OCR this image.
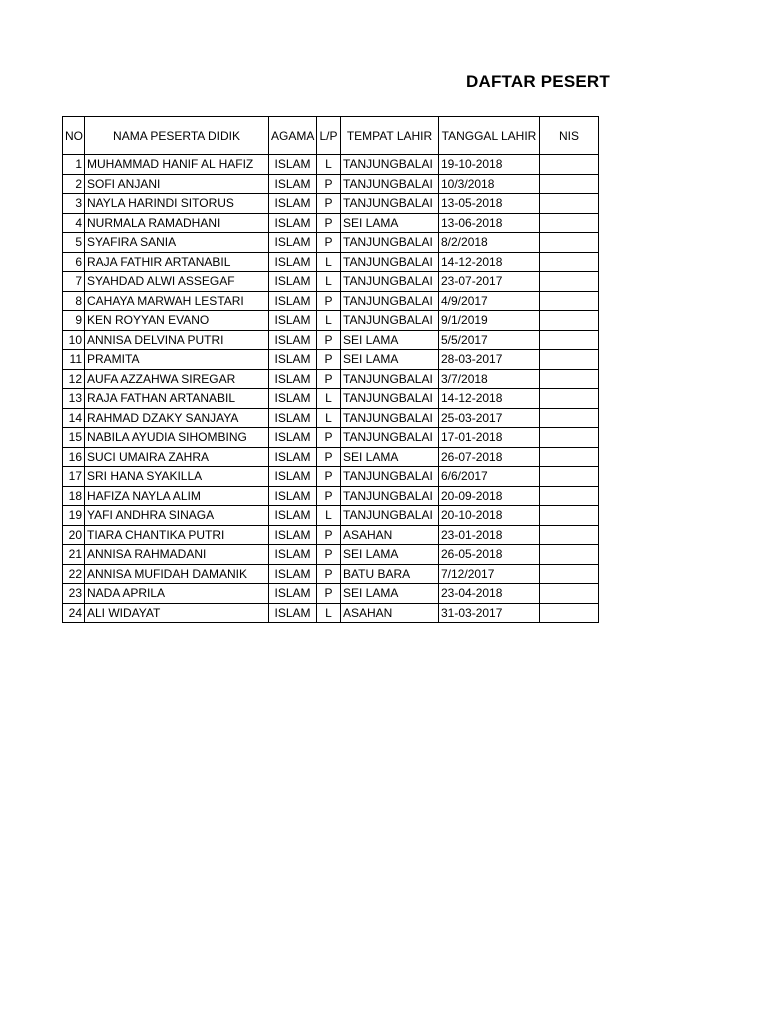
DAFTAR PESERT
NO	NAMA PESERTA DIDIK	AGAMA	L/P	TEMPAT LAHIR	TANGGAL LAHIR	NIS
1	MUHAMMAD HANIF AL HAFIZ	ISLAM	L	TANJUNGBALAI	19-10-2018	
2	SOFI ANJANI	ISLAM	P	TANJUNGBALAI	10/3/2018	
3	NAYLA HARINDI SITORUS	ISLAM	P	TANJUNGBALAI	13-05-2018	
4	NURMALA RAMADHANI	ISLAM	P	SEI LAMA	13-06-2018	
5	SYAFIRA SANIA	ISLAM	P	TANJUNGBALAI	8/2/2018	
6	RAJA FATHIR ARTANABIL	ISLAM	L	TANJUNGBALAI	14-12-2018	
7	SYAHDAD ALWI ASSEGAF	ISLAM	L	TANJUNGBALAI	23-07-2017	
8	CAHAYA MARWAH LESTARI	ISLAM	P	TANJUNGBALAI	4/9/2017	
9	KEN ROYYAN EVANO	ISLAM	L	TANJUNGBALAI	9/1/2019	
10	ANNISA DELVINA PUTRI	ISLAM	P	SEI LAMA	5/5/2017	
11	PRAMITA	ISLAM	P	SEI LAMA	28-03-2017	
12	AUFA AZZAHWA SIREGAR	ISLAM	P	TANJUNGBALAI	3/7/2018	
13	RAJA FATHAN ARTANABIL	ISLAM	L	TANJUNGBALAI	14-12-2018	
14	RAHMAD DZAKY SANJAYA	ISLAM	L	TANJUNGBALAI	25-03-2017	
15	NABILA AYUDIA SIHOMBING	ISLAM	P	TANJUNGBALAI	17-01-2018	
16	SUCI UMAIRA ZAHRA	ISLAM	P	SEI LAMA	26-07-2018	
17	SRI HANA SYAKILLA	ISLAM	P	TANJUNGBALAI	6/6/2017	
18	HAFIZA NAYLA ALIM	ISLAM	P	TANJUNGBALAI	20-09-2018	
19	YAFI ANDHRA SINAGA	ISLAM	L	TANJUNGBALAI	20-10-2018	
20	TIARA CHANTIKA PUTRI	ISLAM	P	ASAHAN	23-01-2018	
21	ANNISA RAHMADANI	ISLAM	P	SEI LAMA	26-05-2018	
22	ANNISA MUFIDAH DAMANIK	ISLAM	P	BATU BARA	7/12/2017	
23	NADA APRILA	ISLAM	P	SEI LAMA	23-04-2018	
24	ALI WIDAYAT	ISLAM	L	ASAHAN	31-03-2017	
